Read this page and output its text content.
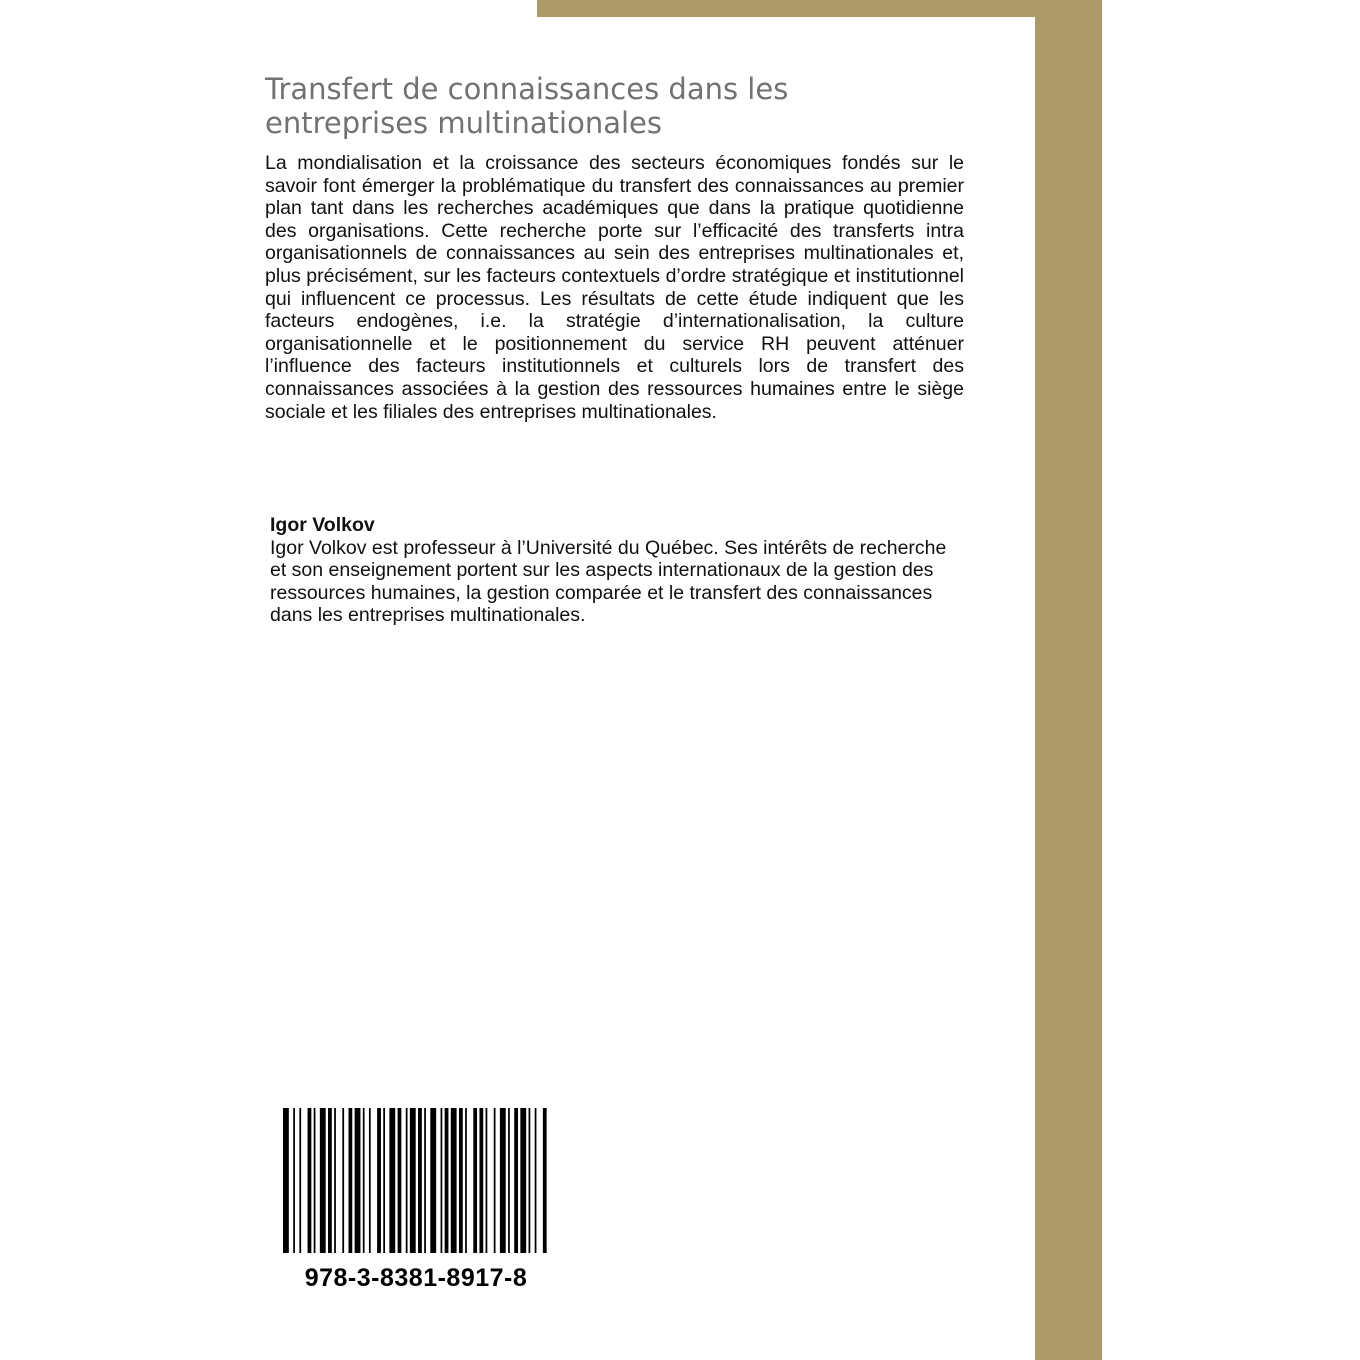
Transfert de connaissances dans les
entreprises multinationales
La mondialisation et la croissance des secteurs économiques fondés sur le savoir font émerger la problématique du transfert des connaissances au premier plan tant dans les recherches académiques que dans la pratique quotidienne des organisations. Cette recherche porte sur l’efficacité des transferts intra organisationnels de connaissances au sein des entreprises multinationales et, plus précisément, sur les facteurs contextuels d’ordre stratégique et institutionnel qui influencent ce processus. Les résultats de cette étude indiquent que les facteurs endogènes, i.e. la stratégie d’internationalisation, la culture organisationnelle et le positionnement du service RH peuvent atténuer l’influence des facteurs institutionnels et culturels lors de transfert des connaissances associées à la gestion des ressources humaines entre le siège sociale et les filiales des entreprises multinationales.
Igor Volkov
Igor Volkov est professeur à l’Université du Québec. Ses intérêts de recherche et son enseignement portent sur les aspects internationaux de la gestion des ressources humaines, la gestion comparée et le transfert des connaissances dans les entreprises multinationales.
978-3-8381-8917-8
